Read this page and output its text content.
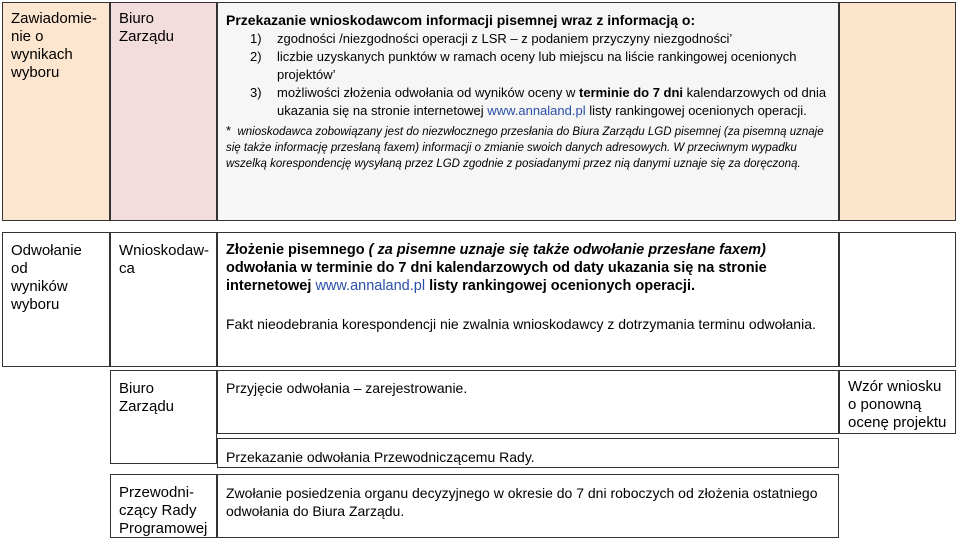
Zawiadomie-
nie o
wynikach
wyboru
Biuro
Zarządu
Przekazanie wnioskodawcom informacji pisemnej wraz z informacją o:
1) zgodności /niezgodności operacji z LSR – z podaniem przyczyny niezgodności’
2) liczbie uzyskanych punktów w ramach oceny lub miejscu na liście rankingowej ocenionych projektów’
3) możliwości złożenia odwołania od wyników oceny w terminie do 7 dni kalendarzowych od dnia ukazania się na stronie internetowej www.annaland.pl listy rankingowej ocenionych operacji.
* wnioskodawca zobowiązany jest do niezwłocznego przesłania do Biura Zarządu LGD pisemnej (za pisemną uznaje się także informację przesłaną faxem) informacji o zmianie swoich danych adresowych. W przeciwnym wypadku wszelką korespondencję wysyłaną przez LGD zgodnie z posiadanymi przez nią danymi uznaje się za doręczoną.
Odwołanie od
wyników
wyboru
Wnioskodaw-
ca
Złożenie pisemnego ( za pisemne uznaje się także odwołanie przesłane faxem) odwołania w terminie do 7 dni kalendarzowych od daty ukazania się na stronie internetowej www.annaland.pl listy rankingowej ocenionych operacji.
Fakt nieodebrania korespondencji nie zwalnia wnioskodawcy z dotrzymania terminu odwołania.
Biuro
Zarządu
Przyjęcie odwołania – zarejestrowanie.	Wzór wniosku
o ponowną
ocenę projektu
Przekazanie odwołania Przewodniczącemu Rady.
Przewodni-
czący Rady
Programowej
Zwołanie posiedzenia organu decyzyjnego w okresie do 7 dni roboczych od złożenia ostatniego odwołania do Biura Zarządu.
